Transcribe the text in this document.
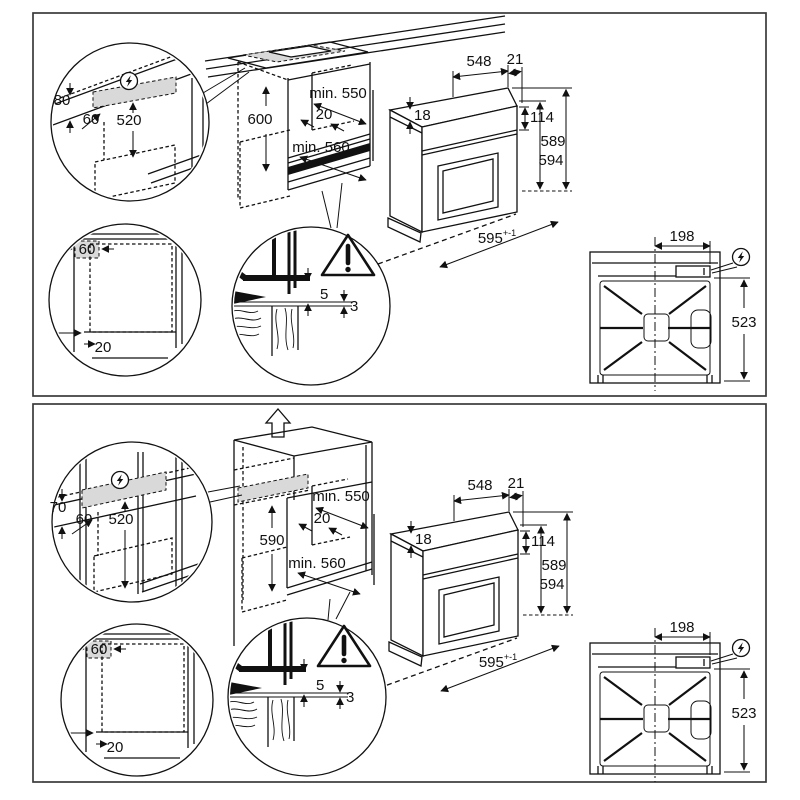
600
min. 550
20
min. 560
80
60 520
590
min. 550
20
min. 560
70
60 520
